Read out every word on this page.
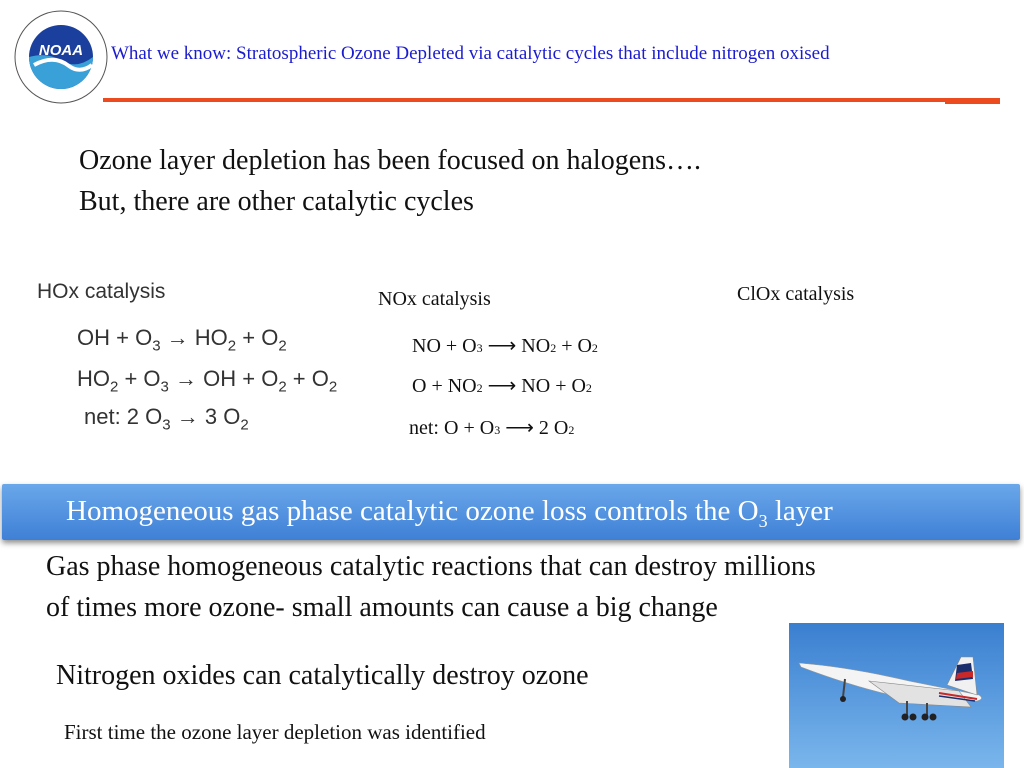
NOAA What we know: Stratospheric Ozone Depleted via catalytic cycles that include nitrogen oxised
Ozone layer depletion has been focused on halogens….
But, there are other catalytic cycles
HOx catalysis
OH + $O_3 \to HO_2 + O_2$
$HO_2 + O_3$ → OH + $O_2 + O_2$
net: 2 $O_3 \to 3$ $O_2$
NOx catalysis
NO + O3 ⟶ NO2 + O2
O + NO2 ⟶ NO + O2
net: O + O3 ⟶ 2 O2
ClOx catalysis
Homogeneous gas phase catalytic ozone loss controls the $O_3$ layer
Gas phase homogeneous catalytic reactions that can destroy millions
of times more ozone- small amounts can cause a big change
Nitrogen oxides can catalytically destroy ozone
First time the ozone layer depletion was identified
